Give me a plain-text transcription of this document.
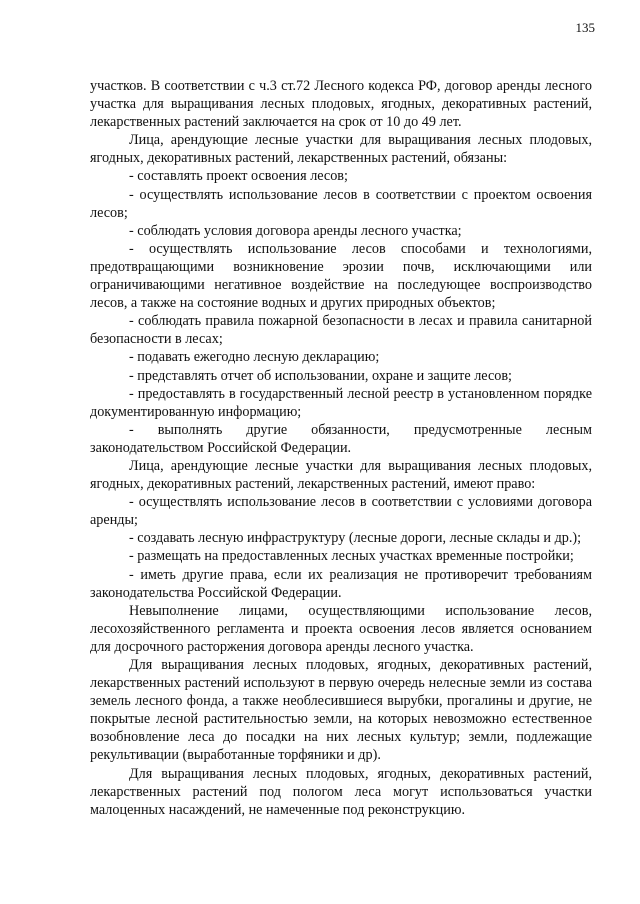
135

участков. В соответствии с ч.3 ст.72 Лесного кодекса РФ, договор аренды лесного участка для выращивания лесных плодовых, ягодных, декоративных растений, лекарственных растений заключается на срок от 10 до 49 лет.

Лица, арендующие лесные участки для выращивания лесных плодовых, ягодных, декоративных растений, лекарственных растений, обязаны:

- составлять проект освоения лесов;

- осуществлять использование лесов в соответствии с проектом освоения лесов;

- соблюдать условия договора аренды лесного участка;

- осуществлять использование лесов способами и технологиями, предотвращающими возникновение эрозии почв, исключающими или ограничивающими негативное воздействие на последующее воспроизводство лесов, а также на состояние водных и других природных объектов;

- соблюдать правила пожарной безопасности в лесах и правила санитарной безопасности в лесах;

- подавать ежегодно лесную декларацию;

- представлять отчет об использовании, охране и защите лесов;

- предоставлять в государственный лесной реестр в установленном порядке документированную информацию;

- выполнять другие обязанности, предусмотренные лесным законодательством Российской Федерации.

Лица, арендующие лесные участки для выращивания лесных плодовых, ягодных, декоративных растений, лекарственных растений, имеют право:

- осуществлять использование лесов в соответствии с условиями договора аренды;

- создавать лесную инфраструктуру (лесные дороги, лесные склады и др.);

- размещать на предоставленных лесных участках временные постройки;

- иметь другие права, если их реализация не противоречит требованиям законодательства Российской Федерации.

Невыполнение лицами, осуществляющими использование лесов, лесохозяйственного регламента и проекта освоения лесов является основанием для досрочного расторжения договора аренды лесного участка.

Для выращивания лесных плодовых, ягодных, декоративных растений, лекарственных растений используют в первую очередь нелесные земли из состава земель лесного фонда, а также необлесившиеся вырубки, прогалины и другие, не покрытые лесной растительностью земли, на которых невозможно естественное возобновление леса до посадки на них лесных культур; земли, подлежащие рекультивации (выработанные торфяники и др).

Для выращивания лесных плодовых, ягодных, декоративных растений, лекарственных растений под пологом леса могут использоваться участки малоценных насаждений, не намеченные под реконструкцию.
